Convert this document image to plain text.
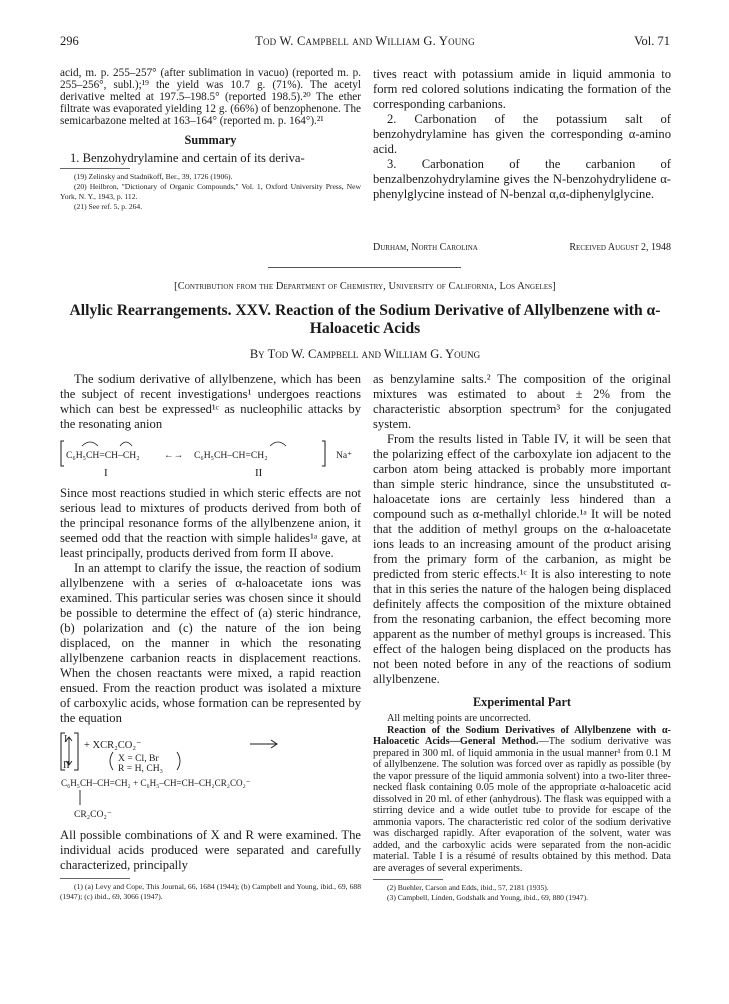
296	Tod W. Campbell and William G. Young	Vol. 71

acid, m. p. 255–257° (after sublimation in vacuo) (reported m. p. 255–256°, subl.);¹⁹ the yield was 10.7 g. (71%). The acetyl derivative melted at 197.5–198.5° (reported 198.5).²⁰ The ether filtrate was evaporated yielding 12 g. (66%) of benzophenone. The semicarbazone melted at 163–164° (reported m. p. 164°).²¹

Summary

1. Benzohydrylamine and certain of its deriva-

(19) Zelinsky and Stadnikoff, Ber., 39, 1726 (1906).

(20) Heilbron, "Dictionary of Organic Compounds," Vol. 1, Oxford University Press, New York, N. Y., 1943, p. 112.

(21) See ref. 5, p. 264.

tives react with potassium amide in liquid ammonia to form red colored solutions indicating the formation of the corresponding carbanions.

2. Carbonation of the potassium salt of benzohydrylamine has given the corresponding α-amino acid.

3. Carbonation of the carbanion of benzalbenzohydrylamine gives the N-benzohydrylidene α-phenylglycine instead of N-benzal α,α-diphenylglycine.

Durham, North Carolina	Received August 2, 1948
[Contribution from the Department of Chemistry, University of California, Los Angeles]
Allylic Rearrangements. XXV. Reaction of the Sodium Derivative of Allylbenzene with α-Haloacetic Acids
By Tod W. Campbell and William G. Young

The sodium derivative of allylbenzene, which has been the subject of recent investigations¹ undergoes reactions which can best be expressed¹ᶜ as nucleophilic attacks by the resonating anion

C₆H₅CH=CH–CH₂	←→ C₆H₅CH–CH=CH₂	Na⁺
I	II

Since most reactions studied in which steric effects are not serious lead to mixtures of products derived from both of the principal resonance forms of the allylbenzene anion, it seemed odd that the reaction with simple halides¹ᵃ gave, at least principally, products derived from form II above.

In an attempt to clarify the issue, the reaction of sodium allylbenzene with a series of α-haloacetate ions was examined. This particular series was chosen since it should be possible to determine the effect of (a) steric hindrance, (b) polarization and (c) the nature of the ion being displaced, on the manner in which the resonating allylbenzene carbanion reacts in displacement reactions. When the chosen reactants were mixed, a rapid reaction ensued. From the reaction product was isolated a mixture of carboxylic acids, whose formation can be represented by the equation

I
II
+ XCR₂CO₂⁻
X = Cl, Br
R = H, CH₃
C₆H₅CH–CH=CH₂ + C₆H₅–CH=CH–CH₂CR₂CO₂⁻
CR₂CO₂⁻

All possible combinations of X and R were examined. The individual acids produced were separated and carefully characterized, principally

(1) (a) Levy and Cope, This Journal, 66, 1684 (1944); (b) Campbell and Young, ibid., 69, 688 (1947); (c) ibid., 69, 3066 (1947).

as benzylamine salts.² The composition of the original mixtures was estimated to about ± 2% from the characteristic absorption spectrum³ for the conjugated system.

From the results listed in Table IV, it will be seen that the polarizing effect of the carboxylate ion adjacent to the carbon atom being attacked is probably more important than simple steric hindrance, since the unsubstituted α-haloacetate ions are certainly less hindered than a compound such as α-methallyl chloride.¹ᵃ It will be noted that the addition of methyl groups on the α-haloacetate ions leads to an increasing amount of the product arising from the primary form of the carbanion, as might be predicted from steric effects.¹ᶜ It is also interesting to note that in this series the nature of the halogen being displaced definitely affects the composition of the mixture obtained from the resonating carbanion, the effect becoming more apparent as the number of methyl groups is increased. This effect of the halogen being displaced on the products has not been noted before in any of the reactions of sodium allylbenzene.

Experimental Part

All melting points are uncorrected.

Reaction of the Sodium Derivatives of Allylbenzene with α-Haloacetic Acids—General Method.—The sodium derivative was prepared in 300 ml. of liquid ammonia in the usual manner¹ from 0.1 M of allylbenzene. The solution was forced over as rapidly as possible (by the vapor pressure of the liquid ammonia solvent) into a two-liter three-necked flask containing 0.05 mole of the appropriate α-haloacetic acid dissolved in 20 ml. of ether (anhydrous). The flask was equipped with a stirring device and a wide outlet tube to provide for escape of the ammonia vapors. The characteristic red color of the sodium derivative was discharged rapidly. After evaporation of the solvent, water was added, and the carboxylic acids were separated from the non-acidic material. Table I is a résumé of results obtained by this method. Data are averages of several experiments.

(2) Buehler, Carson and Edds, ibid., 57, 2181 (1935).

(3) Campbell, Linden, Godshalk and Young, ibid., 69, 880 (1947).
